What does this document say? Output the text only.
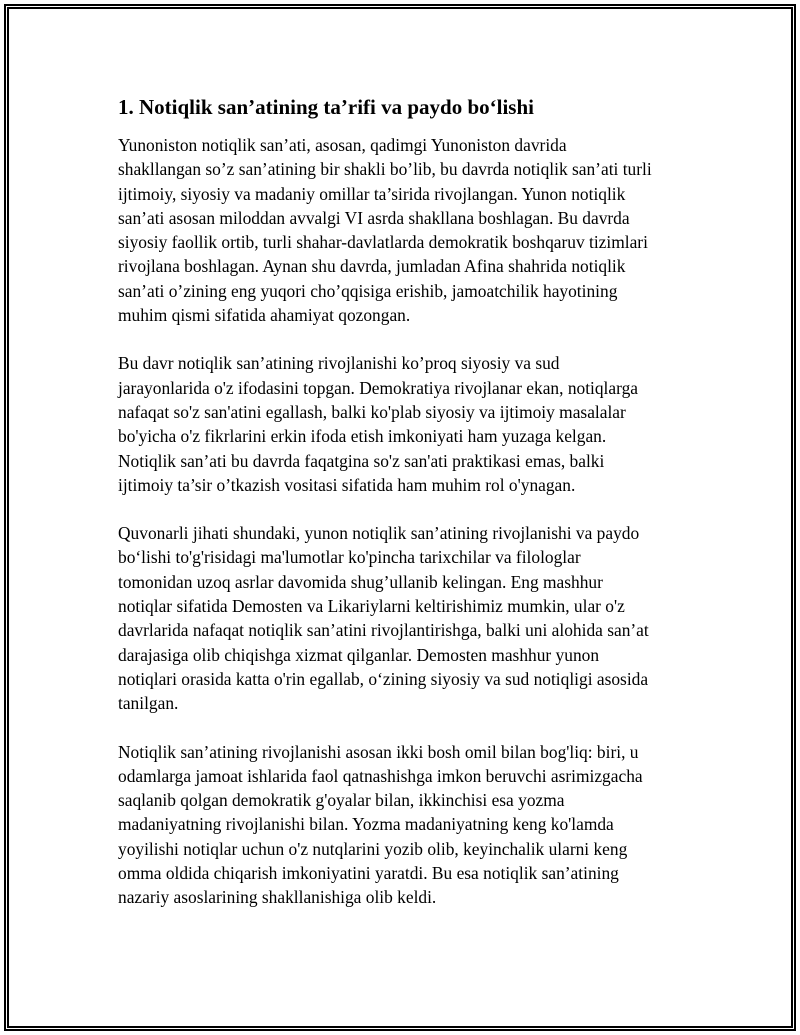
1. Notiqlik san’atining ta’rifi va paydo bo‘lishi

Yunoniston notiqlik san’ati, asosan, qadimgi Yunoniston davrida
shakllangan so’z san’atining bir shakli bo’lib, bu davrda notiqlik san’ati turli
ijtimoiy, siyosiy va madaniy omillar ta’sirida rivojlangan. Yunon notiqlik
san’ati asosan miloddan avvalgi VI asrda shakllana boshlagan. Bu davrda
siyosiy faollik ortib, turli shahar-davlatlarda demokratik boshqaruv tizimlari
rivojlana boshlagan. Aynan shu davrda, jumladan Afina shahrida notiqlik
san’ati o’zining eng yuqori cho’qqisiga erishib, jamoatchilik hayotining
muhim qismi sifatida ahamiyat qozongan.

Bu davr notiqlik san’atining rivojlanishi ko’proq siyosiy va sud
jarayonlarida o'z ifodasini topgan. Demokratiya rivojlanar ekan, notiqlarga
nafaqat so'z san'atini egallash, balki ko'plab siyosiy va ijtimoiy masalalar
bo'yicha o'z fikrlarini erkin ifoda etish imkoniyati ham yuzaga kelgan.
Notiqlik san’ati bu davrda faqatgina so'z san'ati praktikasi emas, balki
ijtimoiy ta’sir o’tkazish vositasi sifatida ham muhim rol o'ynagan.

Quvonarli jihati shundaki, yunon notiqlik san’atining rivojlanishi va paydo
bo‘lishi to'g'risidagi ma'lumotlar ko'pincha tarixchilar va filologlar
tomonidan uzoq asrlar davomida shug’ullanib kelingan. Eng mashhur
notiqlar sifatida Demosten va Likariylarni keltirishimiz mumkin, ular o'z
davrlarida nafaqat notiqlik san’atini rivojlantirishga, balki uni alohida san’at
darajasiga olib chiqishga xizmat qilganlar. Demosten mashhur yunon
notiqlari orasida katta o'rin egallab, o‘zining siyosiy va sud notiqligi asosida
tanilgan.

Notiqlik san’atining rivojlanishi asosan ikki bosh omil bilan bog'liq: biri, u
odamlarga jamoat ishlarida faol qatnashishga imkon beruvchi asrimizgacha
saqlanib qolgan demokratik g'oyalar bilan, ikkinchisi esa yozma
madaniyatning rivojlanishi bilan. Yozma madaniyatning keng ko'lamda
yoyilishi notiqlar uchun o'z nutqlarini yozib olib, keyinchalik ularni keng
omma oldida chiqarish imkoniyatini yaratdi. Bu esa notiqlik san’atining
nazariy asoslarining shakllanishiga olib keldi.
